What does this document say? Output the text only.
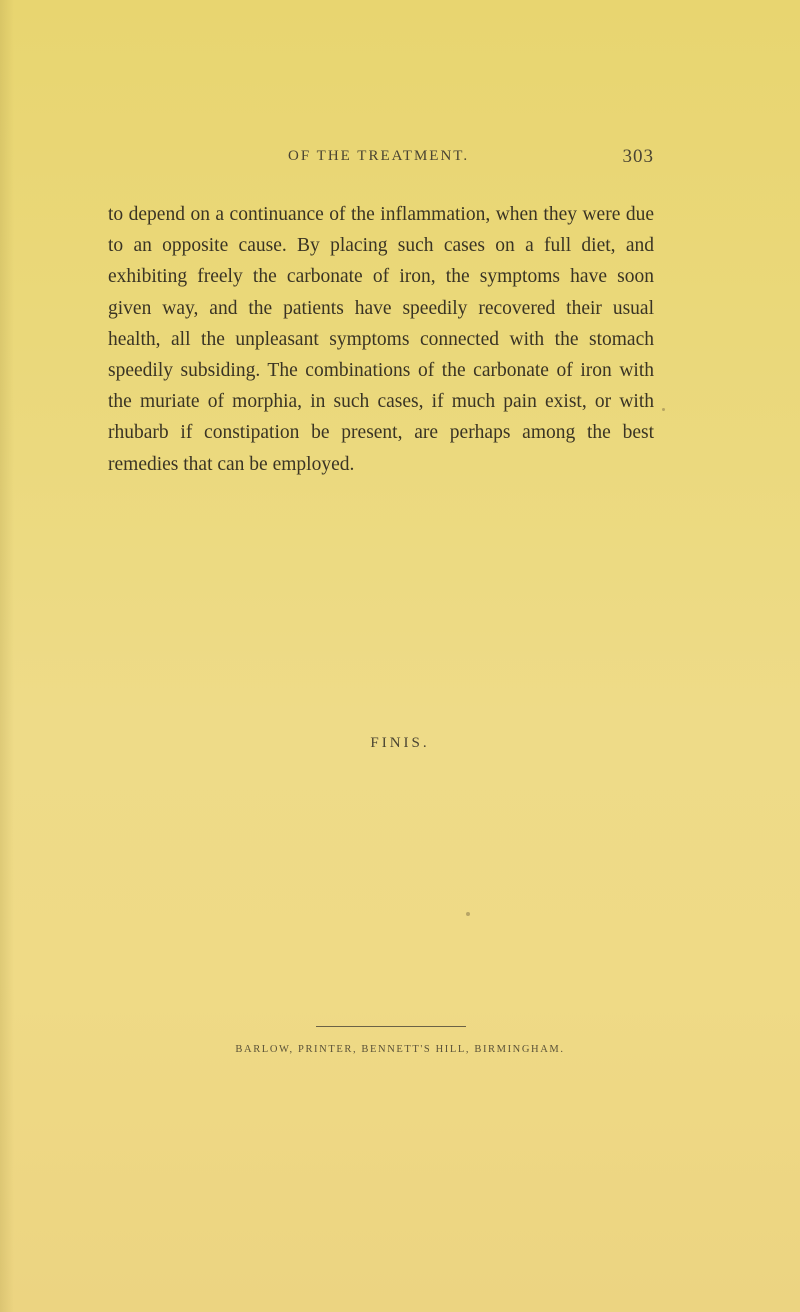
OF THE TREATMENT.	303

to depend on a continuance of the inflammation, when they were due to an opposite cause. By placing such cases on a full diet, and exhibiting freely the carbonate of iron, the symptoms have soon given way, and the patients have speedily recovered their usual health, all the unpleasant symptoms connected with the stomach speedily subsiding. The combinations of the carbonate of iron with the muriate of morphia, in such cases, if much pain exist, or with rhubarb if constipation be present, are perhaps among the best remedies that can be employed.

FINIS.
BARLOW, PRINTER, BENNETT'S HILL, BIRMINGHAM.
